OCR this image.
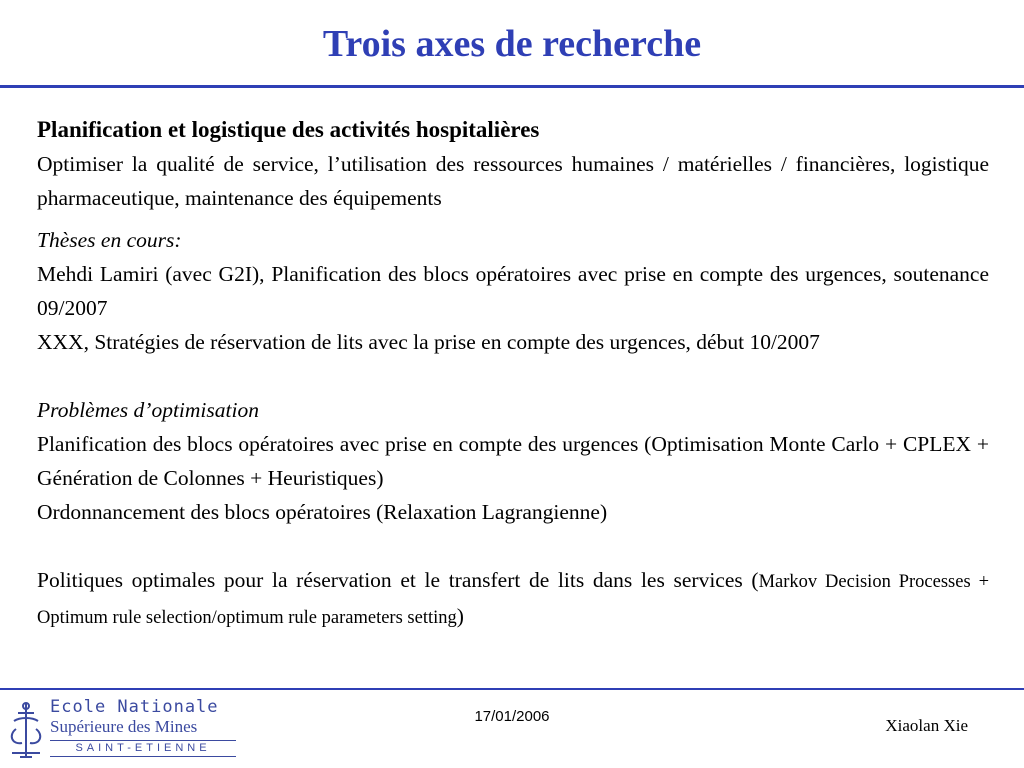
Trois axes de recherche

Planification et logistique des activités hospitalières

Optimiser la qualité de service, l’utilisation des ressources humaines / matérielles / financières, logistique pharmaceutique, maintenance des équipements

Thèses en cours:

Mehdi Lamiri (avec G2I), Planification des blocs opératoires avec prise en compte des urgences, soutenance 09/2007

XXX, Stratégies de réservation de lits avec la prise en compte des urgences, début 10/2007

Problèmes d’optimisation

Planification des blocs opératoires avec prise en compte des urgences (Optimisation Monte Carlo + CPLEX + Génération de Colonnes + Heuristiques)

Ordonnancement des blocs opératoires (Relaxation Lagrangienne)

Politiques optimales pour la réservation et le transfert de lits dans les services (Markov Decision Processes + Optimum rule selection/optimum rule parameters setting)

Ecole Nationale
Supérieure des Mines
SAINT-ETIENNE
17/01/2006	Xiaolan Xie
